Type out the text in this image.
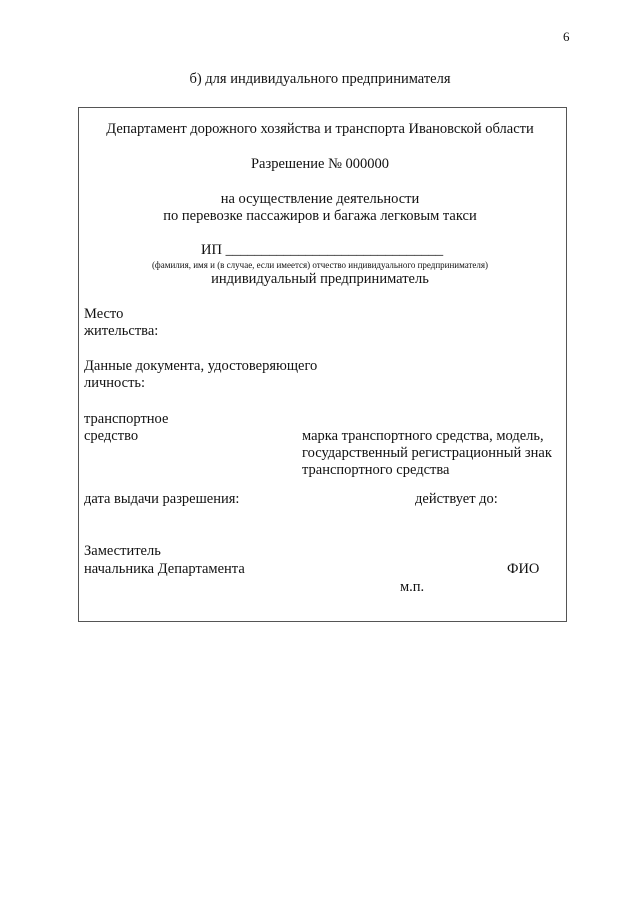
6
б) для индивидуального предпринимателя
Департамент дорожного хозяйства и транспорта Ивановской области
Разрешение № 000000
на осуществление деятельности
по перевозке пассажиров и багажа легковым такси
ИП ______________________________
(фамилия, имя и (в случае, если имеется) отчество индивидуального предпринимателя)
индивидуальный предприниматель
Место
жительства:
Данные документа, удостоверяющего
личность:
транспортное
средство	марка транспортного средства, модель,
государственный регистрационный знак
транспортного средства
дата выдачи разрешения:	действует до:
Заместитель
начальника Департамента	ФИО
м.п.
